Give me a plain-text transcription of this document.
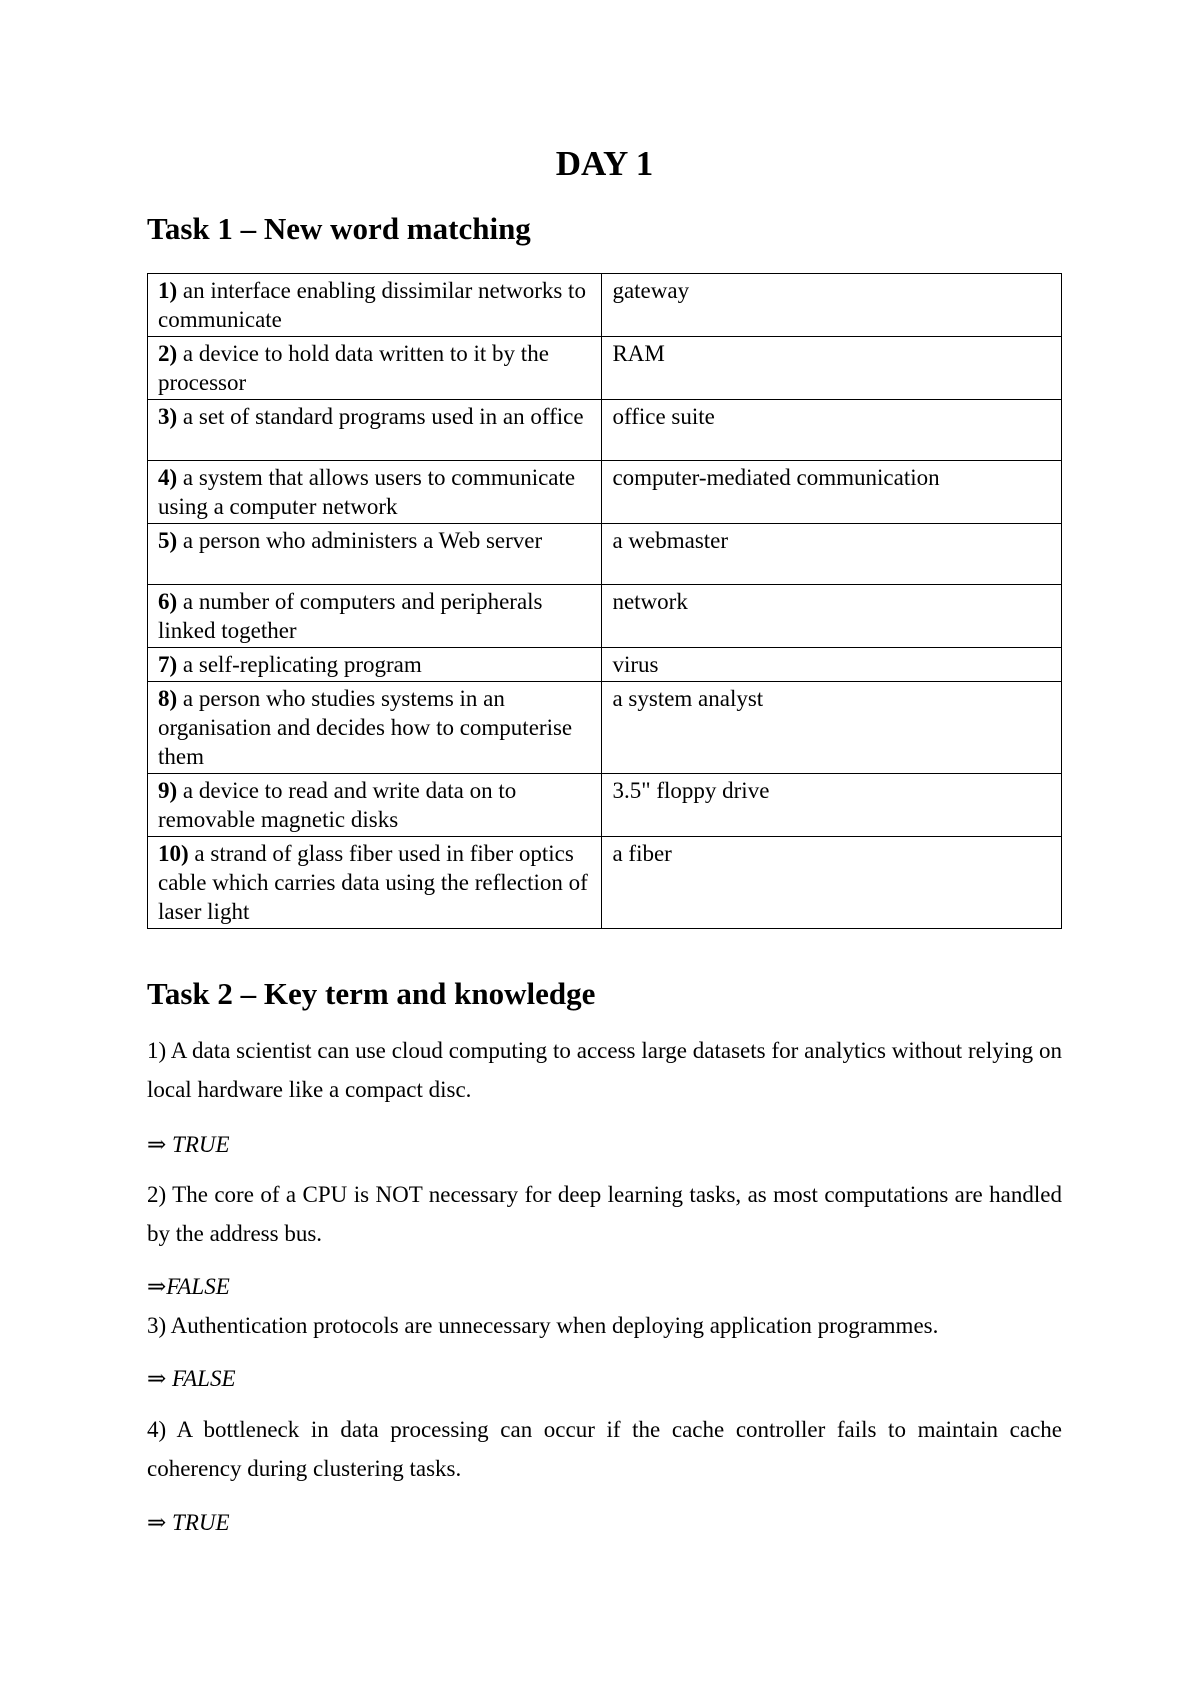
DAY 1
Task 1 – New word matching
1) an interface enabling dissimilar networks to communicate	gateway
2) a device to hold data written to it by the processor	RAM
3) a set of standard programs used in an office	office suite
4) a system that allows users to communicate using a computer network	computer-mediated communication
5) a person who administers a Web server	a webmaster
6) a number of computers and peripherals linked together	network
7) a self-replicating program	virus
8) a person who studies systems in an organisation and decides how to computerise them	a system analyst
9) a device to read and write data on to removable magnetic disks	3.5" floppy drive
10) a strand of glass fiber used in fiber optics cable which carries data using the reflection of laser light	a fiber
Task 2 – Key term and knowledge

1) A data scientist can use cloud computing to access large datasets for analytics without relying on local hardware like a compact disc.

⇒ TRUE

2) The core of a CPU is NOT necessary for deep learning tasks, as most computations are handled by the address bus.

⇒FALSE

3) Authentication protocols are unnecessary when deploying application programmes.

⇒ FALSE

4) A bottleneck in data processing can occur if the cache controller fails to maintain cache coherency during clustering tasks.

⇒ TRUE
